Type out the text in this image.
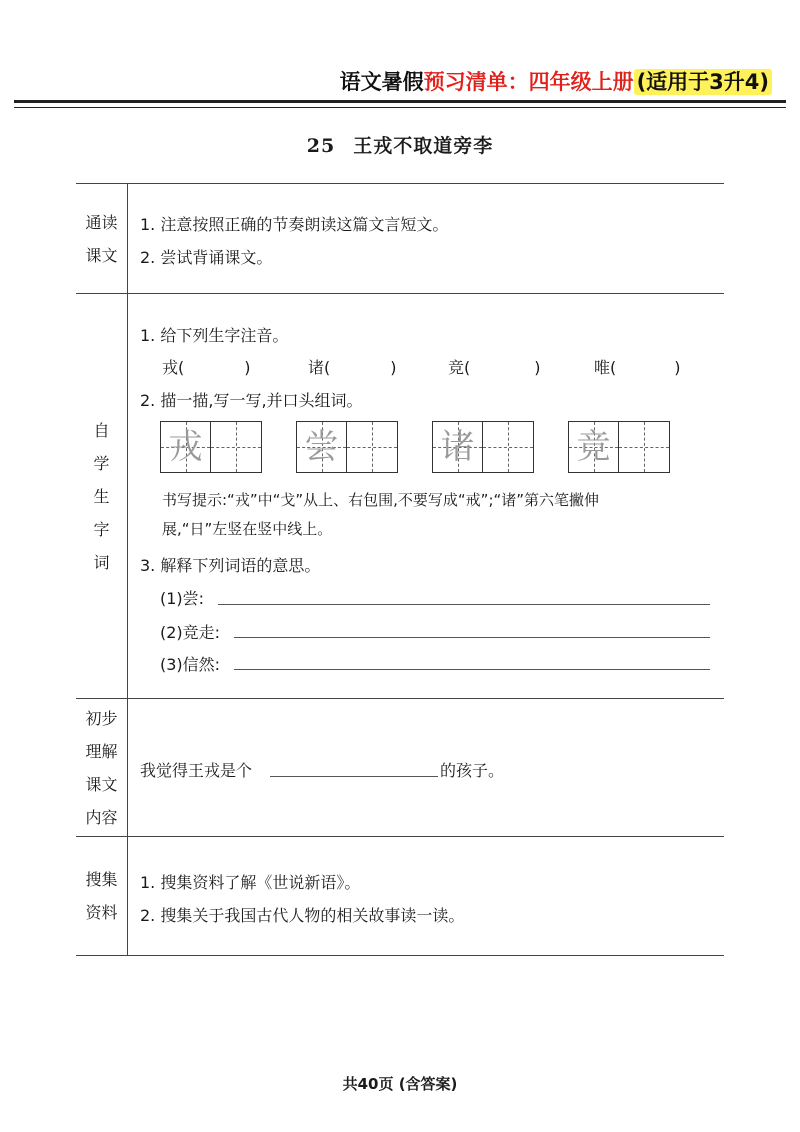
语文暑假预习清单：四年级上册 (适用于3升4)
25 王戎不取道旁李
通读
课文
1. 注意按照正确的节奏朗读这篇文言短文。
2. 尝试背诵课文。
自
学
生
字
词
1. 给下列生字注音。
戎(	)	诸(	)	竞(	)	唯(	)
2. 描一描,写一写,并口头组词。
戎	尝	诸	竞
书写提示:“戎”中“戈”从上、右包围,不要写成“戒”;“诸”第六笔撇伸
展,“日”左竖在竖中线上。
3. 解释下列词语的意思。
(1)尝:
(2)竞走:
(3)信然:
初步
理解
课文
内容
我觉得王戎是个	的孩子。
搜集
资料
1. 搜集资料了解《世说新语》。
2. 搜集关于我国古代人物的相关故事读一读。
共40页 (含答案)
